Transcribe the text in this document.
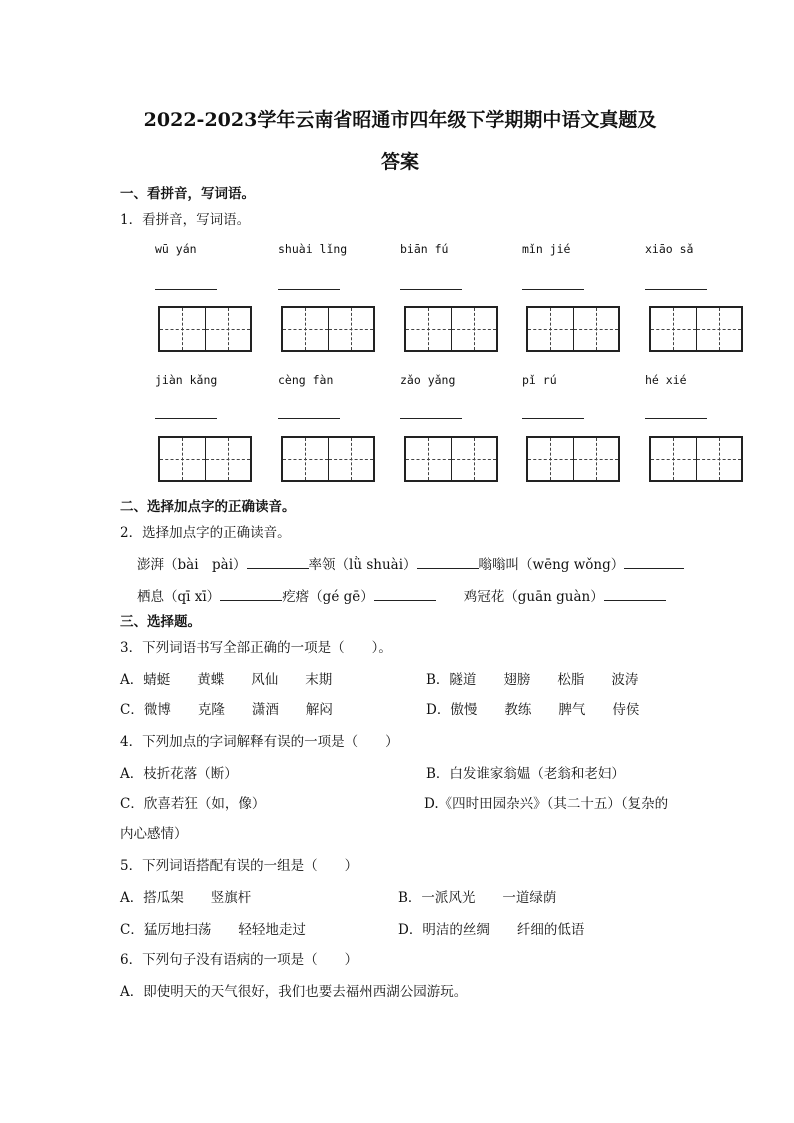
2022-2023学年云南省昭通市四年级下学期期中语文真题及
答案
一、看拼音，写词语。
1．看拼音，写词语。
wū yán	shuài lǐng	biān fú	mǐn jié	xiāo sǎ
jiàn kǎng	cèng fàn	zǎo yǎng	pǐ rú	hé xié
二、选择加点字的正确读音。
2．选择加点字的正确读音。
澎湃（bài　pài）	率领（lǜ shuài）	嗡嗡叫（wēng wǒng）
栖息（qī xī）	疙瘩（gé gē）	鸡冠花（guān guàn）
三、选择题。
3．下列词语书写全部正确的一项是（　　）。
A．蜻蜓　　黄蝶　　风仙　　末期	B．隧道　　翅膀　　松脂　　波涛
C．微博　　克隆　　潇酒　　解闷	D．傲慢　　教练　　脾气　　侍侯
4．下列加点的字词解释有误的一项是（　　）
A．枝折花落（断）	B．白发谁家翁媪（老翁和老妇）
C．欣喜若狂（如，像）	D.《四时田园杂兴》（其二十五）（复杂的
内心感情）
5．下列词语搭配有误的一组是（　　）
A．搭瓜架　　竖旗杆	B．一派风光　　一道绿荫
C．猛厉地扫荡　　轻轻地走过	D．明洁的丝绸　　纤细的低语
6．下列句子没有语病的一项是（　　）
A．即使明天的天气很好，我们也要去福州西湖公园游玩。
